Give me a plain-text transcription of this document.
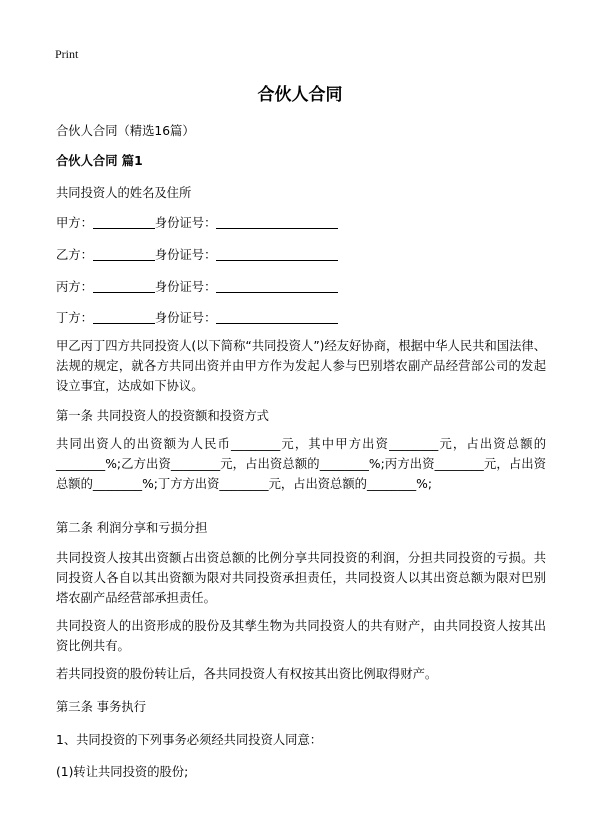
Print
合伙人合同
合伙人合同（精选16篇）
合伙人合同 篇1
共同投资人的姓名及住所
甲方：	身份证号：
乙方：	身份证号：
丙方：	身份证号：
丁方：	身份证号：
甲乙丙丁四方共同投资人(以下简称“共同投资人”)经友好协商，根据中华人民共和国法律、法规的规定，就各方共同出资并由甲方作为发起人参与巴别塔农副产品经营部公司的发起设立事宜，达成如下协议。
第一条 共同投资人的投资额和投资方式
共同出资人的出资额为人民币________元，其中甲方出资________元，占出资总额的________%;乙方出资________元，占出资总额的________%;丙方出资________元，占出资总额的________%;丁方方出资________元，占出资总额的________%;
第二条 利润分享和亏损分担
共同投资人按其出资额占出资总额的比例分享共同投资的利润，分担共同投资的亏损。共同投资人各自以其出资额为限对共同投资承担责任，共同投资人以其出资总额为限对巴别塔农副产品经营部承担责任。
共同投资人的出资形成的股份及其孳生物为共同投资人的共有财产，由共同投资人按其出资比例共有。
若共同投资的股份转让后，各共同投资人有权按其出资比例取得财产。
第三条 事务执行
1、共同投资的下列事务必须经共同投资人同意：
(1)转让共同投资的股份;
